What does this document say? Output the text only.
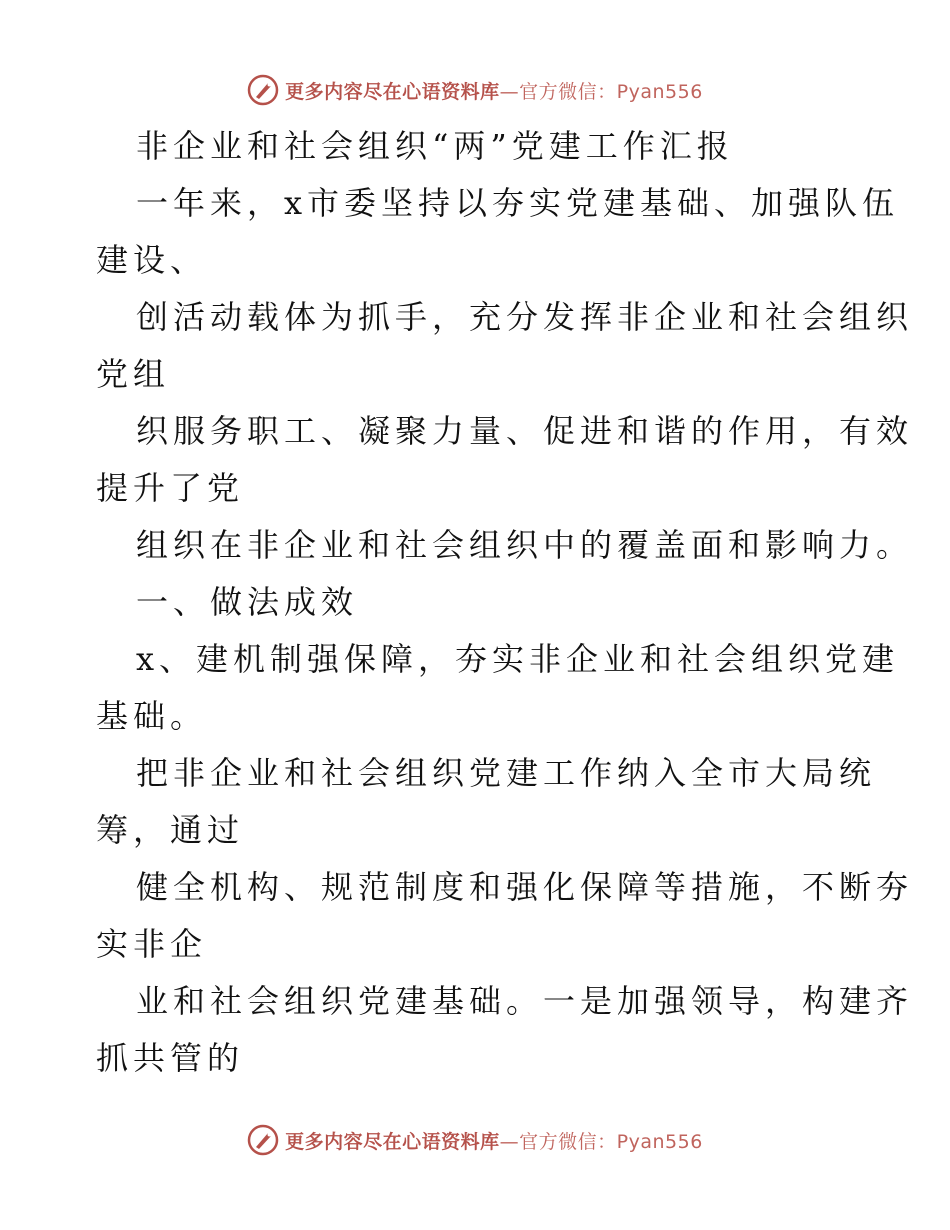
更多内容尽在心语资料库—官方微信：Pyan556
非企业和社会组织“两”党建工作汇报
一年来，x市委坚持以夯实党建基础、加强队伍
建设、
创活动载体为抓手，充分发挥非企业和社会组织
党组
织服务职工、凝聚力量、促进和谐的作用，有效
提升了党
组织在非企业和社会组织中的覆盖面和影响力。
一、做法成效
x、建机制强保障，夯实非企业和社会组织党建
基础。
把非企业和社会组织党建工作纳入全市大局统
筹，通过
健全机构、规范制度和强化保障等措施，不断夯
实非企
业和社会组织党建基础。一是加强领导，构建齐
抓共管的
更多内容尽在心语资料库—官方微信：Pyan556
